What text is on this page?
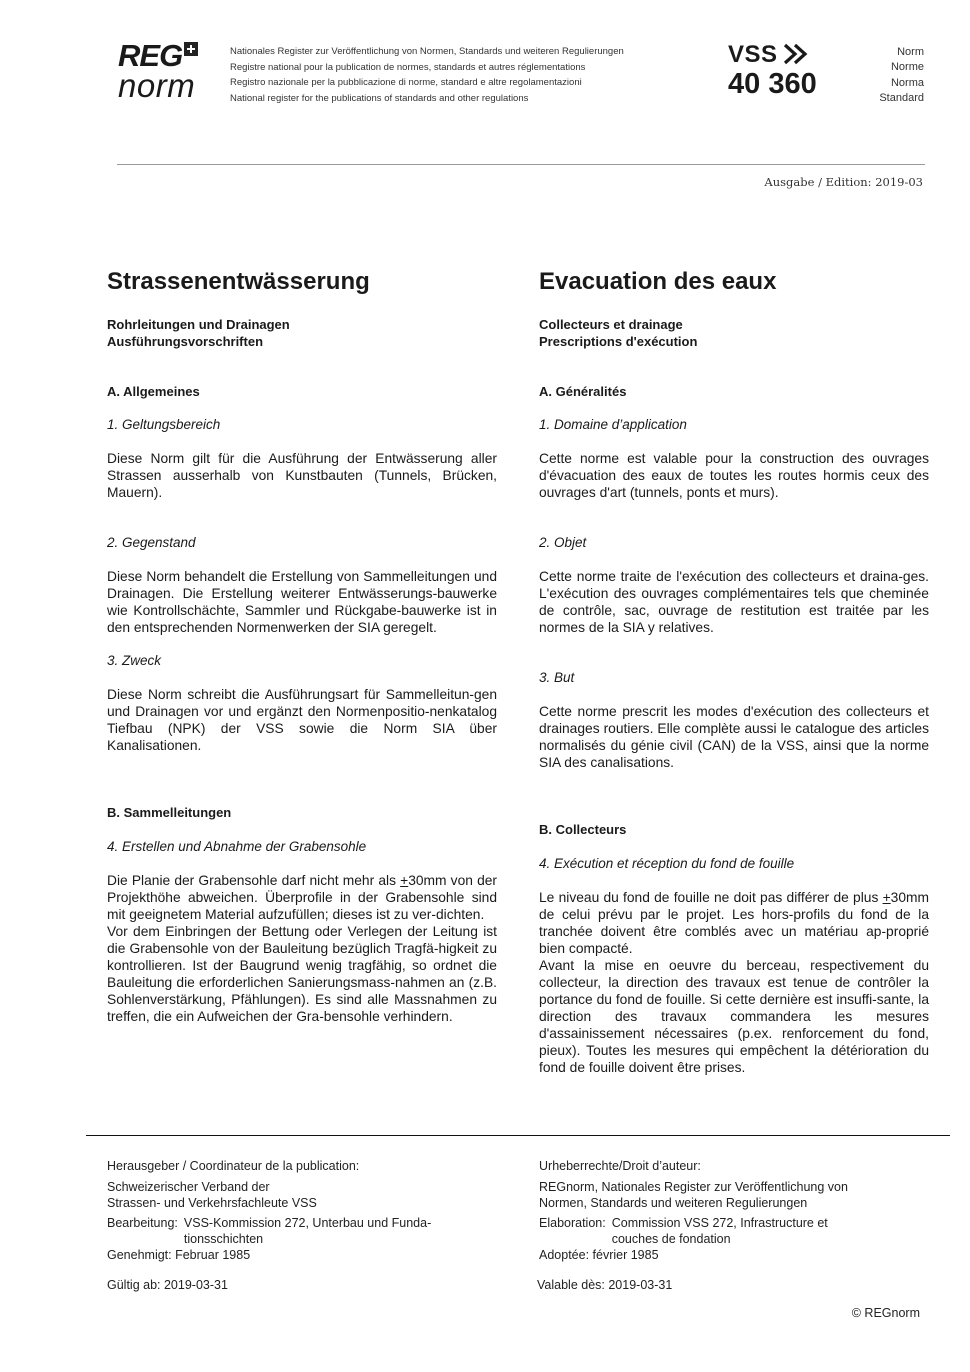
REG
norm
Nationales Register zur Veröffentlichung von Normen, Standards und weiteren Regulierungen
Registre national pour la publication de normes, standards et autres réglementations
Registro nazionale per la pubblicazione di norme, standard e altre regolamentazioni
National register for the publications of standards and other regulations
VSS
40 360
Norm
Norme
Norma
Standard
Ausgabe / Edition: 2019-03
Strassenentwässerung

Rohrleitungen und Drainagen

Ausführungsvorschriften

A. Allgemeines

1. Geltungsbereich

Diese Norm gilt für die Ausführung der Entwässerung aller Strassen ausserhalb von Kunstbauten (Tunnels, Brücken, Mauern).

2. Gegenstand

Diese Norm behandelt die Erstellung von Sammelleitungen und Drainagen. Die Erstellung weiterer Entwässerungs-bauwerke wie Kontrollschächte, Sammler und Rückgabe-bauwerke ist in den entsprechenden Normenwerken der SIA geregelt.

3. Zweck

Diese Norm schreibt die Ausführungsart für Sammelleitun-gen und Drainagen vor und ergänzt den Normenpositio-nenkatalog Tiefbau (NPK) der VSS sowie die Norm SIA über Kanalisationen.

B. Sammelleitungen

4. Erstellen und Abnahme der Grabensohle

Die Planie der Grabensohle darf nicht mehr als +30mm von der Projekthöhe abweichen. Überprofile in der Grabensohle sind mit geeignetem Material aufzufüllen; dieses ist zu ver-dichten.

Vor dem Einbringen der Bettung oder Verlegen der Leitung ist die Grabensohle von der Bauleitung bezüglich Tragfä-higkeit zu kontrollieren. Ist der Baugrund wenig tragfähig, so ordnet die Bauleitung die erforderlichen Sanierungsmass-nahmen an (z.B. Sohlenverstärkung, Pfählungen). Es sind alle Massnahmen zu treffen, die ein Aufweichen der Gra-bensohle verhindern.

Evacuation des eaux

Collecteurs et drainage

Prescriptions d'exécution

A. Généralités

1. Domaine d’application

Cette norme est valable pour la construction des ouvrages d'évacuation des eaux de toutes les routes hormis ceux des ouvrages d'art (tunnels, ponts et murs).

2. Objet

Cette norme traite de l'exécution des collecteurs et draina-ges. L'exécution des ouvrages complémentaires tels que cheminée de contrôle, sac, ouvrage de restitution est traitée par les normes de la SIA y relatives.

3. But

Cette norme prescrit les modes d'exécution des collecteurs et drainages routiers. Elle complète aussi le catalogue des articles normalisés du génie civil (CAN) de la VSS, ainsi que la norme SIA des canalisations.

B. Collecteurs

4. Exécution et réception du fond de fouille

Le niveau du fond de fouille ne doit pas différer de plus +30mm de celui prévu par le projet. Les hors-profils du fond de la tranchée doivent être comblés avec un matériau ap-proprié bien compacté.

Avant la mise en oeuvre du berceau, respectivement du collecteur, la direction des travaux est tenue de contrôler la portance du fond de fouille. Si cette dernière est insuffi-sante, la direction des travaux commandera les mesures d'assainissement nécessaires (p.ex. renforcement du fond, pieux). Toutes les mesures qui empêchent la détérioration du fond de fouille doivent être prises.

Herausgeber / Coordinateur de la publication:
Schweizerischer Verband der
Strassen- und Verkehrsfachleute VSS
Bearbeitung: VSS-Kommission 272, Unterbau und Funda-tionsschichten
Genehmigt: Februar 1985
Gültig ab: 2019-03-31
Urheberrechte/Droit d’auteur:
REGnorm, Nationales Register zur Veröffentlichung von Normen, Standards und weiteren Regulierungen
Elaboration: Commission VSS 272, Infrastructure et couches de fondation
Adoptée: février 1985
Valable dès: 2019-03-31
© REGnorm
